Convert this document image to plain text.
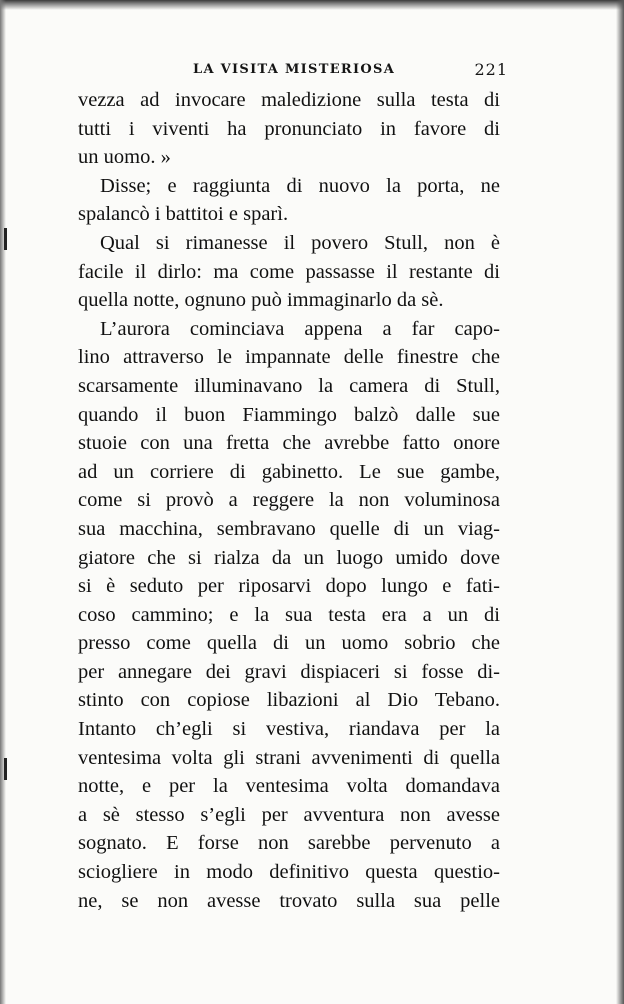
LA VISITA MISTERIOSA	221
vezza ad invocare maledizione sulla testa di
tutti i viventi ha pronunciato in favore di
un uomo. »
Disse; e raggiunta di nuovo la porta, ne
spalancò i battitoi e sparì.
Qual si rimanesse il povero Stull, non è
facile il dirlo: ma come passasse il restante di
quella notte, ognuno può immaginarlo da sè.
L’aurora cominciava appena a far capo-
lino attraverso le impannate delle finestre che
scarsamente illuminavano la camera di Stull,
quando il buon Fiammingo balzò dalle sue
stuoie con una fretta che avrebbe fatto onore
ad un corriere di gabinetto. Le sue gambe,
come si provò a reggere la non voluminosa
sua macchina, sembravano quelle di un viag-
giatore che si rialza da un luogo umido dove
si è seduto per riposarvi dopo lungo e fati-
coso cammino; e la sua testa era a un di
presso come quella di un uomo sobrio che
per annegare dei gravi dispiaceri si fosse di-
stinto con copiose libazioni al Dio Tebano.
Intanto ch’egli si vestiva, riandava per la
ventesima volta gli strani avvenimenti di quella
notte, e per la ventesima volta domandava
a sè stesso s’egli per avventura non avesse
sognato. E forse non sarebbe pervenuto a
sciogliere in modo definitivo questa questio-
ne, se non avesse trovato sulla sua pelle
